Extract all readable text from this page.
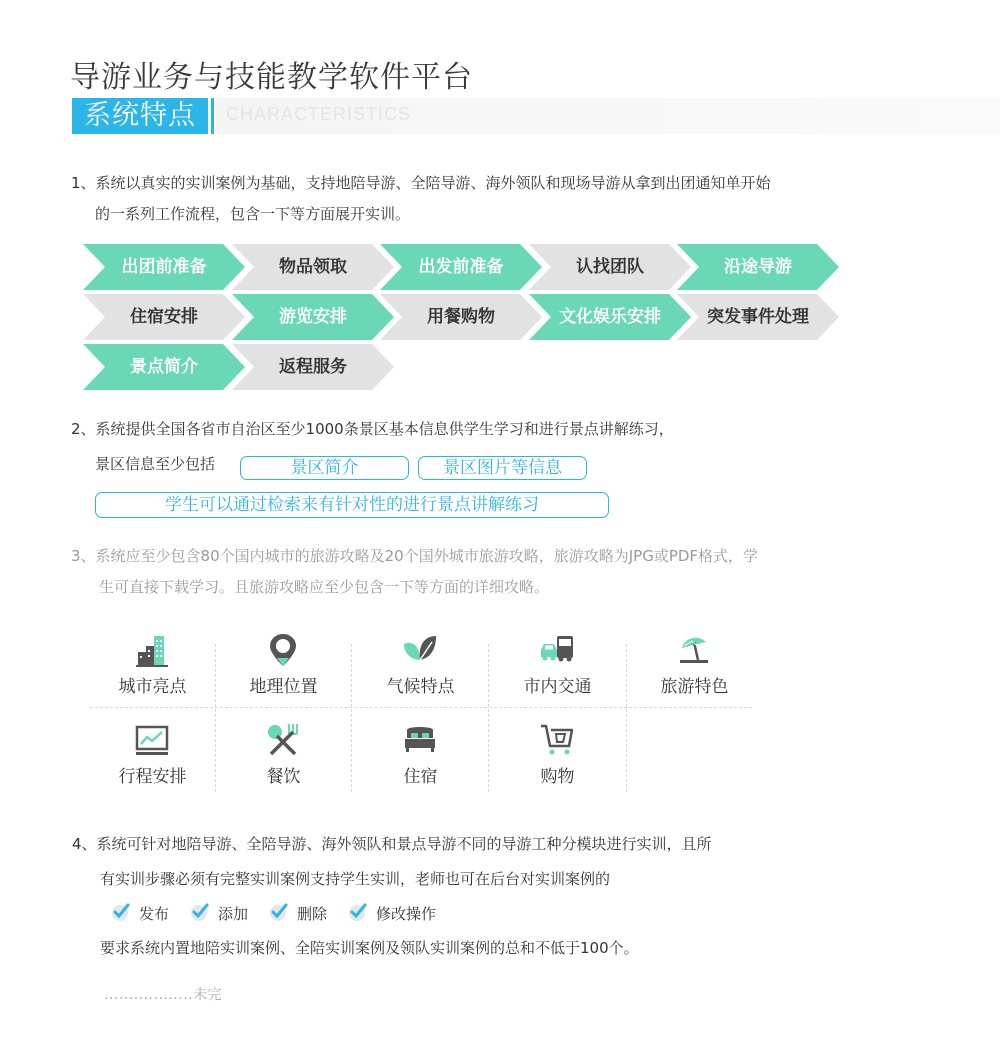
导游业务与技能教学软件平台
系统特点	CHARACTERISTICS
1、系统以真实的实训案例为基础，支持地陪导游、全陪导游、海外领队和现场导游从拿到出团通知单开始
的一系列工作流程，包含一下等方面展开实训。
出团前准备	物品领取	出发前准备	认找团队	沿途导游
住宿安排	游览安排	用餐购物	文化娱乐安排	突发事件处理
景点简介	返程服务
2、系统提供全国各省市自治区至少1000条景区基本信息供学生学习和进行景点讲解练习，
景区信息至少包括	景区简介	景区图片等信息
学生可以通过检索来有针对性的进行景点讲解练习
3、系统应至少包含80个国内城市的旅游攻略及20个国外城市旅游攻略，旅游攻略为JPG或PDF格式，学
生可直接下载学习。且旅游攻略应至少包含一下等方面的详细攻略。
城市亮点	地理位置	气候特点	市内交通	旅游特色
行程安排	餐饮	住宿	购物
4、系统可针对地陪导游、全陪导游、海外领队和景点导游不同的导游工种分模块进行实训，且所
有实训步骤必须有完整实训案例支持学生实训，老师也可在后台对实训案例的
发布	添加	删除	修改操作
要求系统内置地陪实训案例、全陪实训案例及领队实训案例的总和不低于100个。
..................未完
